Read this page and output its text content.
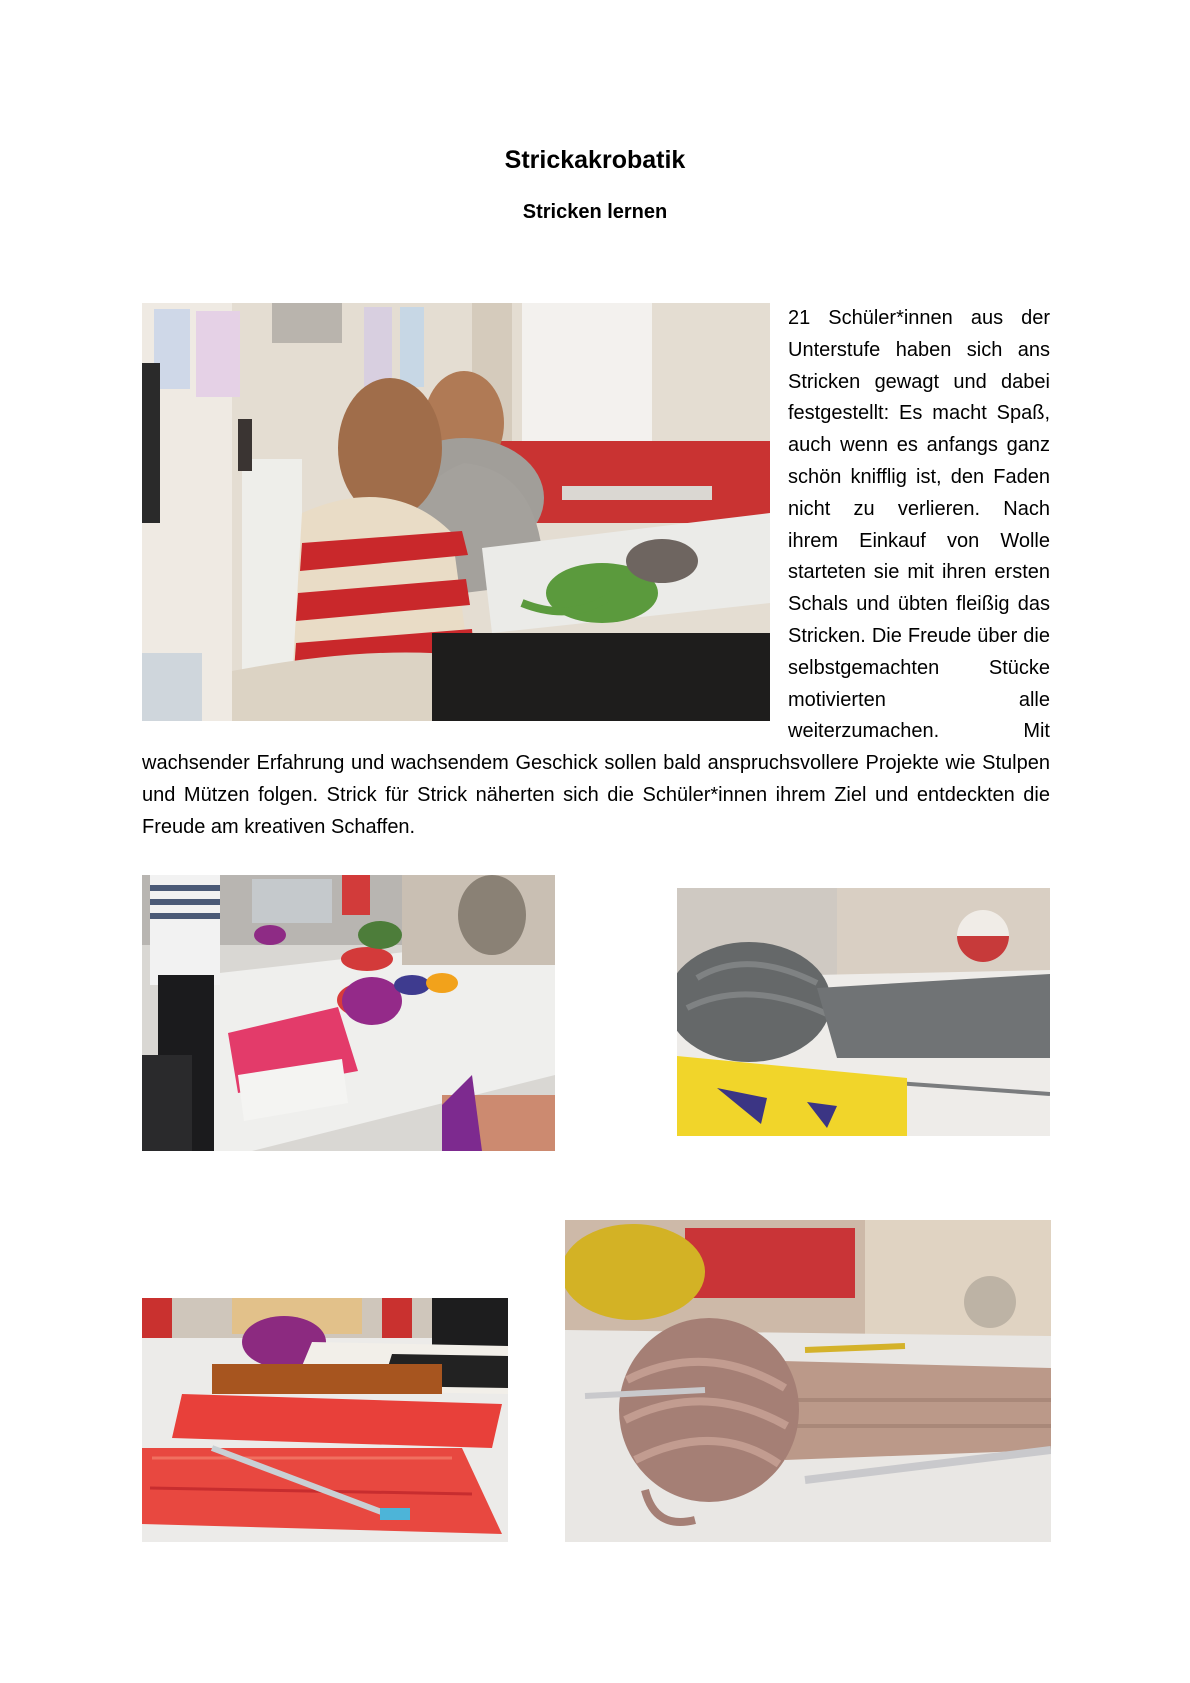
Strickakrobatik
Stricken lernen
21 Schüler*innen aus der Unterstufe haben sich ans Stricken gewagt und dabei festgestellt: Es macht Spaß, auch wenn es anfangs ganz schön knifflig ist, den Faden nicht zu verlieren. Nach ihrem Einkauf von Wolle starteten sie mit ihren ersten Schals und übten fleißig das Stricken. Die Freude über die selbstgemachten Stücke motivierten alle weiterzumachen. Mit wachsender Erfahrung und wachsendem Geschick sollen bald anspruchsvollere Projekte wie Stulpen und Mützen folgen. Strick für Strick näherten sich die Schüler*innen ihrem Ziel und entdeckten die Freude am kreativen Schaffen.
